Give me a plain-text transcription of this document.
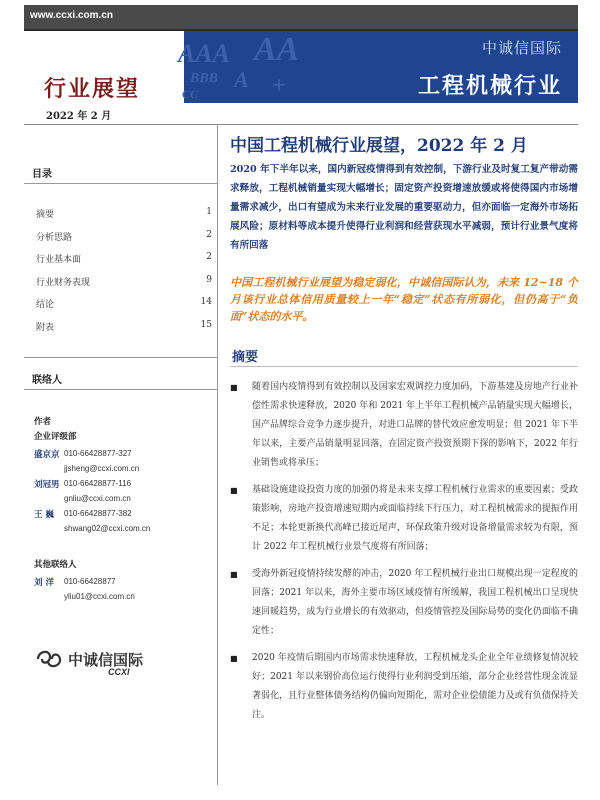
www.ccxi.com.cn
AAA AA
BBB A
CC	+
中诚信国际
工程机械行业
行业展望
2022 年 2 月
目录
摘要	1
分析思路	2
行业基本面	2
行业财务表现	9
结论	14
附表	15
联络人
作者
企业评级部
盛京京 010-66428877-327
jjsheng@ccxi.com.cn
刘冠男 010-66428877-116
gnliu@ccxi.com.cn
王 巍	010-66428877-382
shwang02@ccxi.com.cn
其他联络人
刘 洋	010-66428877
yliu01@ccxi.com.cn
中诚信国际
CCXI
中国工程机械行业展望，2022 年 2 月
2020 年下半年以来，国内新冠疫情得到有效控制，下游行业及时复工复产带动需求释放，工程机械销量实现大幅增长；固定资产投资增速放缓或将使得国内市场增量需求减少，出口有望成为未来行业发展的重要驱动力，但亦面临一定海外市场拓展风险；原材料等成本提升使得行业利润和经营获现水平减弱，预计行业景气度将有所回落
中国工程机械行业展望为稳定弱化，中诚信国际认为，未来 12~18 个月该行业总体信用质量较上一年“稳定”状态有所弱化，但仍高于“负面”状态的水平。
摘要
■	随着国内疫情得到有效控制以及国家宏观调控力度加码，下游基建及房地产行业补偿性需求快速释放，2020 年和 2021 年上半年工程机械产品销量实现大幅增长，国产品牌综合竞争力逐步提升，对进口品牌的替代效应愈发明显；但 2021 年下半年以来，主要产品销量明显回落，在固定资产投资预期下探的影响下，2022 年行业销售或将承压；
■	基础设施建设投资力度的加强仍将是未来支撑工程机械行业需求的重要因素；受政策影响，房地产投资增速短期内或面临持续下行压力，对工程机械需求的提振作用不足；本轮更新换代高峰已接近尾声，环保政策升级对设备增量需求较为有限，预计 2022 年工程机械行业景气度将有所回落；
■	受海外新冠疫情持续发酵的冲击，2020 年工程机械行业出口规模出现一定程度的回落；2021 年以来，海外主要市场区域疫情有所缓解，我国工程机械出口呈现快速回暖趋势，成为行业增长的有效驱动，但疫情管控及国际局势的变化仍面临不确定性；
■	2020 年疫情后期国内市场需求快速释放，工程机械龙头企业全年业绩修复情况较好；2021 年以来钢价高位运行使得行业利润受到压缩，部分企业经营性现金流显著弱化，且行业整体债务结构仍偏向短期化，需对企业偿债能力及或有负债保持关注。
